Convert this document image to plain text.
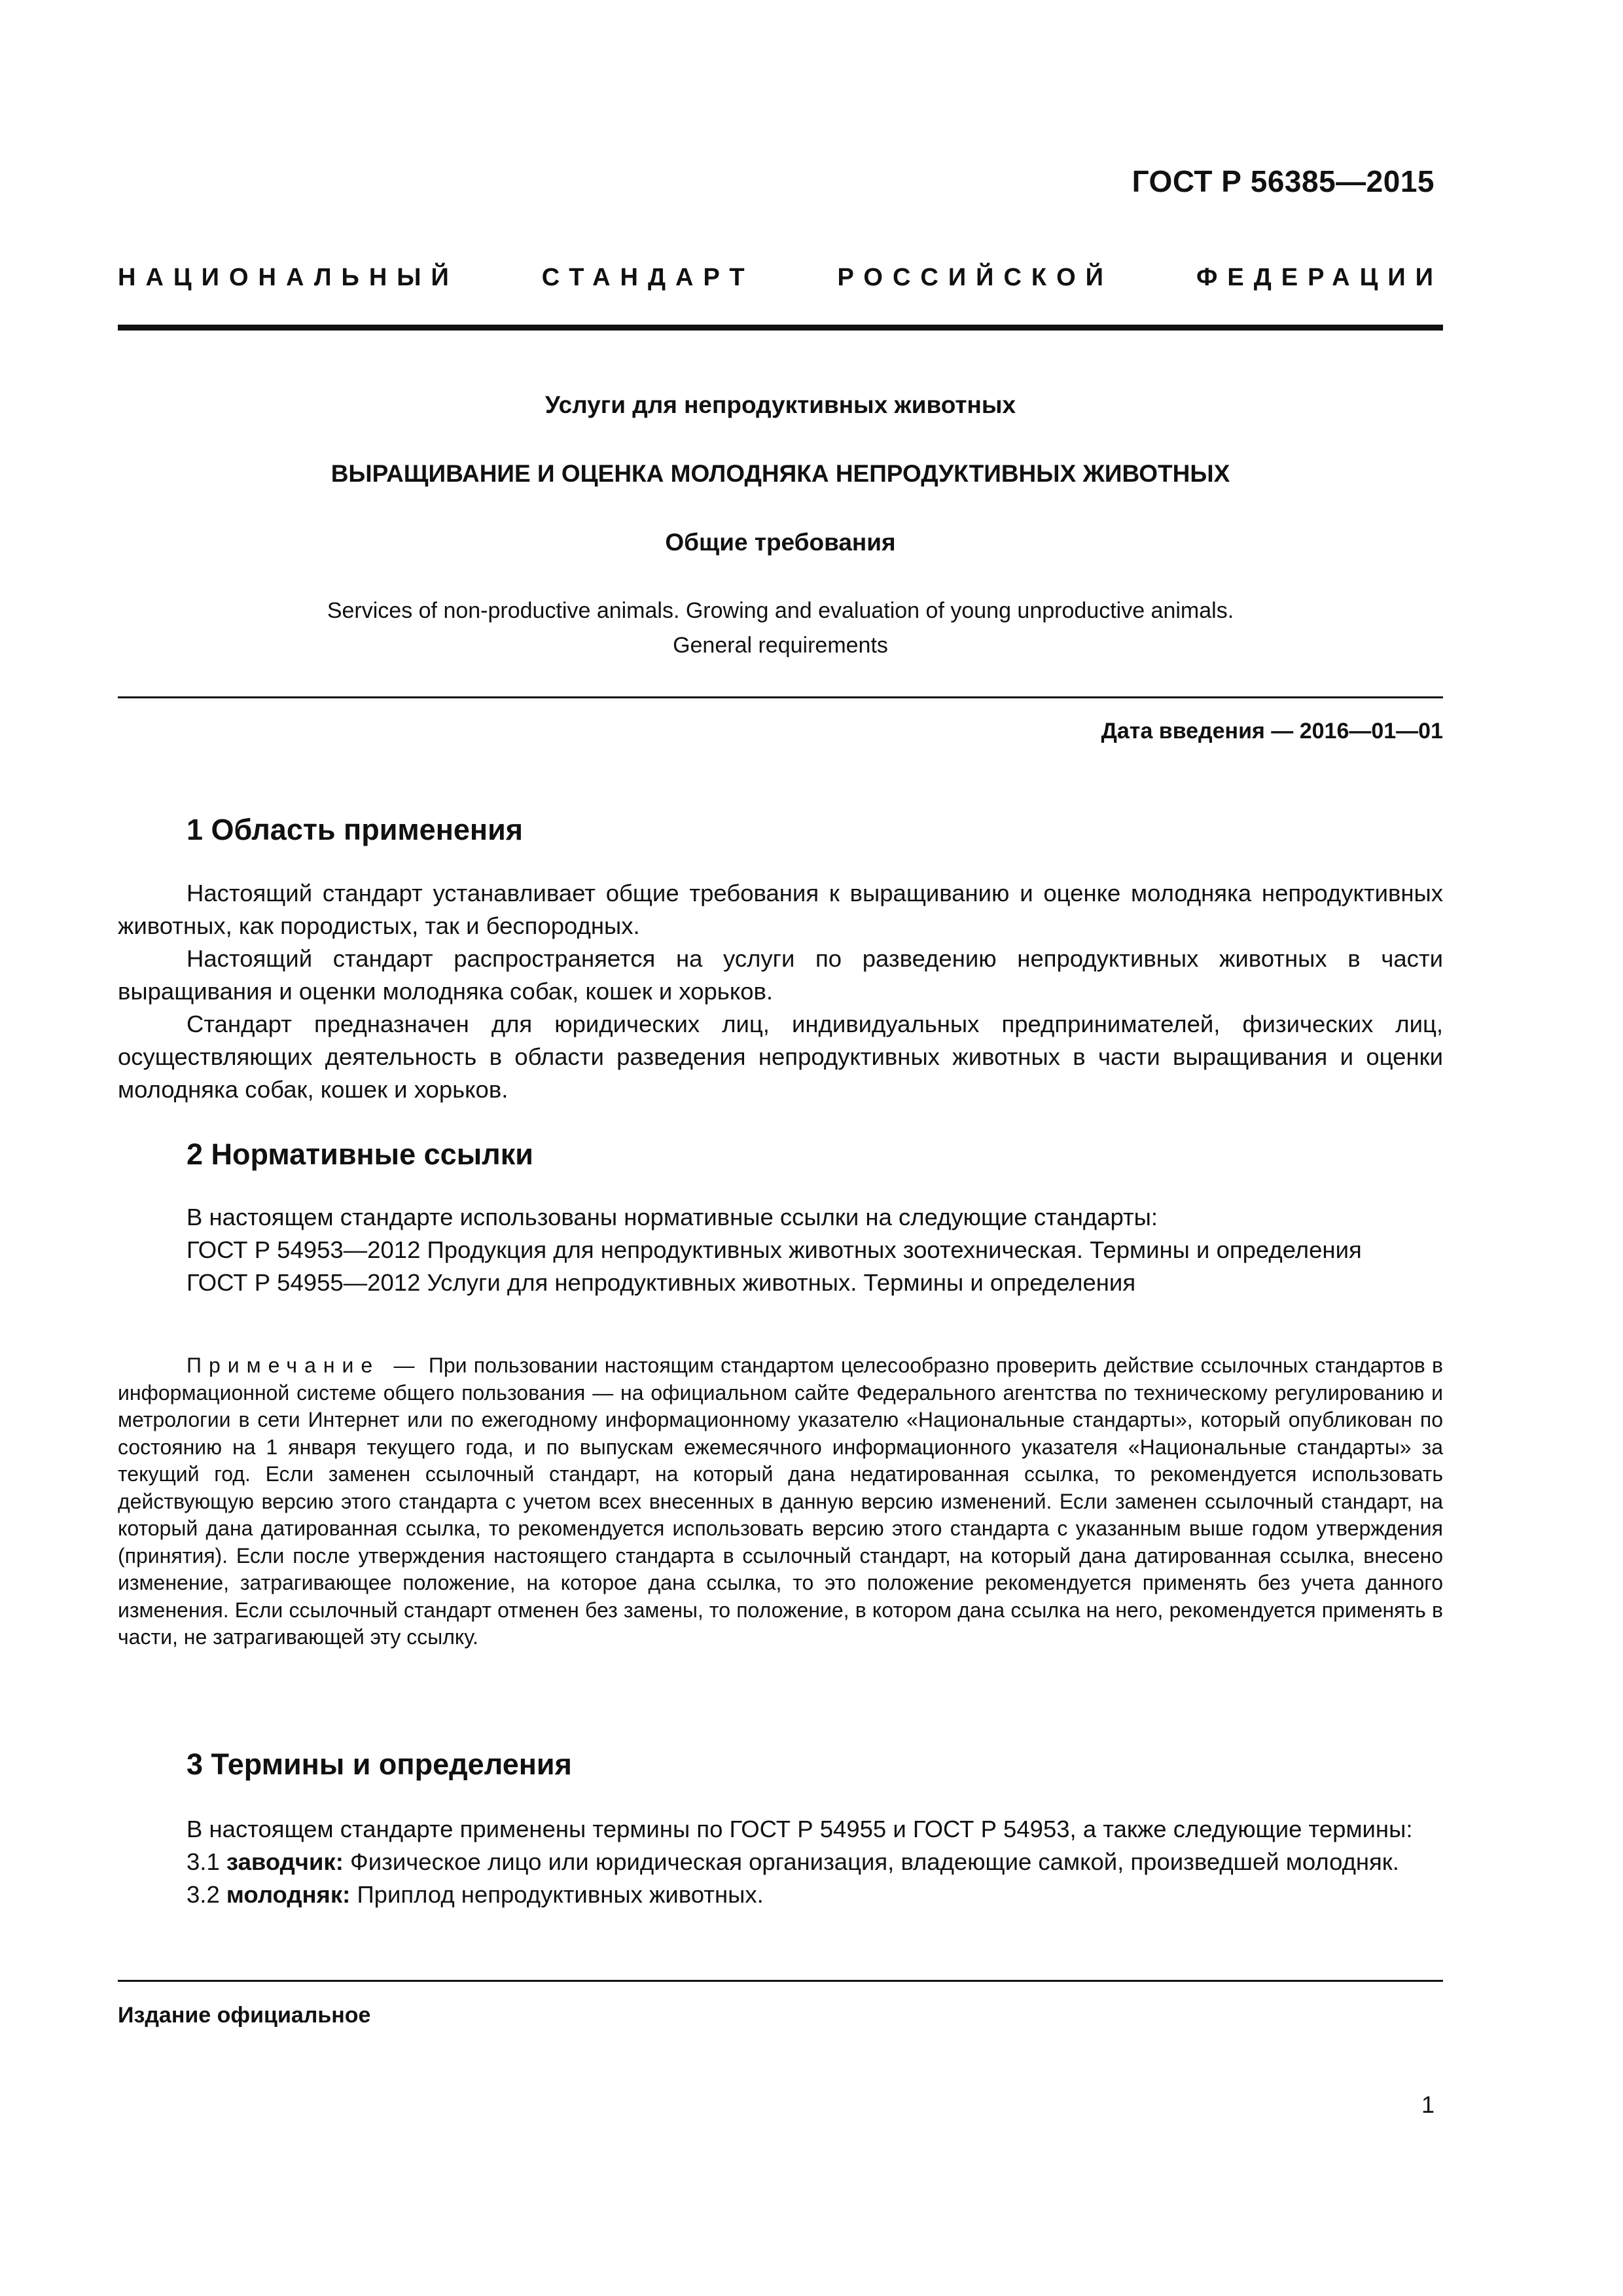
ГОСТ Р 56385—2015
НАЦИОНАЛЬНЫЙ	СТАНДАРТ	РОССИЙСКОЙ	ФЕДЕРАЦИИ
Услуги для непродуктивных животных
ВЫРАЩИВАНИЕ И ОЦЕНКА МОЛОДНЯКА НЕПРОДУКТИВНЫХ ЖИВОТНЫХ
Общие требования
Services of non-productive animals. Growing and evaluation of young unproductive animals.
General requirements
Дата введения — 2016—01—01
1 Область применения

Настоящий стандарт устанавливает общие требования к выращиванию и оценке молодняка непродуктивных животных, как породистых, так и беспородных.

Настоящий стандарт распространяется на услуги по разведению непродуктивных животных в части выращивания и оценки молодняка собак, кошек и хорьков.

Стандарт предназначен для юридических лиц, индивидуальных предпринимателей, физических лиц, осуществляющих деятельность в области разведения непродуктивных животных в части выращивания и оценки молодняка собак, кошек и хорьков.

2 Нормативные ссылки

В настоящем стандарте использованы нормативные ссылки на следующие стандарты:

ГОСТ Р 54953—2012 Продукция для непродуктивных животных зоотехническая. Термины и определения

ГОСТ Р 54955—2012 Услуги для непродуктивных животных. Термины и определения

Примечание — При пользовании настоящим стандартом целесообразно проверить действие ссылочных стандартов в информационной системе общего пользования — на официальном сайте Федерального агентства по техническому регулированию и метрологии в сети Интернет или по ежегодному информационному указателю «Национальные стандарты», который опубликован по состоянию на 1 января текущего года, и по выпускам ежемесячного информационного указателя «Национальные стандарты» за текущий год. Если заменен ссылочный стандарт, на который дана недатированная ссылка, то рекомендуется использовать действующую версию этого стандарта с учетом всех внесенных в данную версию изменений. Если заменен ссылочный стандарт, на который дана датированная ссылка, то рекомендуется использовать версию этого стандарта с указанным выше годом утверждения (принятия). Если после утверждения настоящего стандарта в ссылочный стандарт, на который дана датированная ссылка, внесено изменение, затрагивающее положение, на которое дана ссылка, то это положение рекомендуется применять без учета данного изменения. Если ссылочный стандарт отменен без замены, то положение, в котором дана ссылка на него, рекомендуется применять в части, не затрагивающей эту ссылку.

3 Термины и определения

В настоящем стандарте применены термины по ГОСТ Р 54955 и ГОСТ Р 54953, а также следующие термины:

3.1 заводчик: Физическое лицо или юридическая организация, владеющие самкой, произведшей молодняк.

3.2 молодняк: Приплод непродуктивных животных.

Издание официальное
1
